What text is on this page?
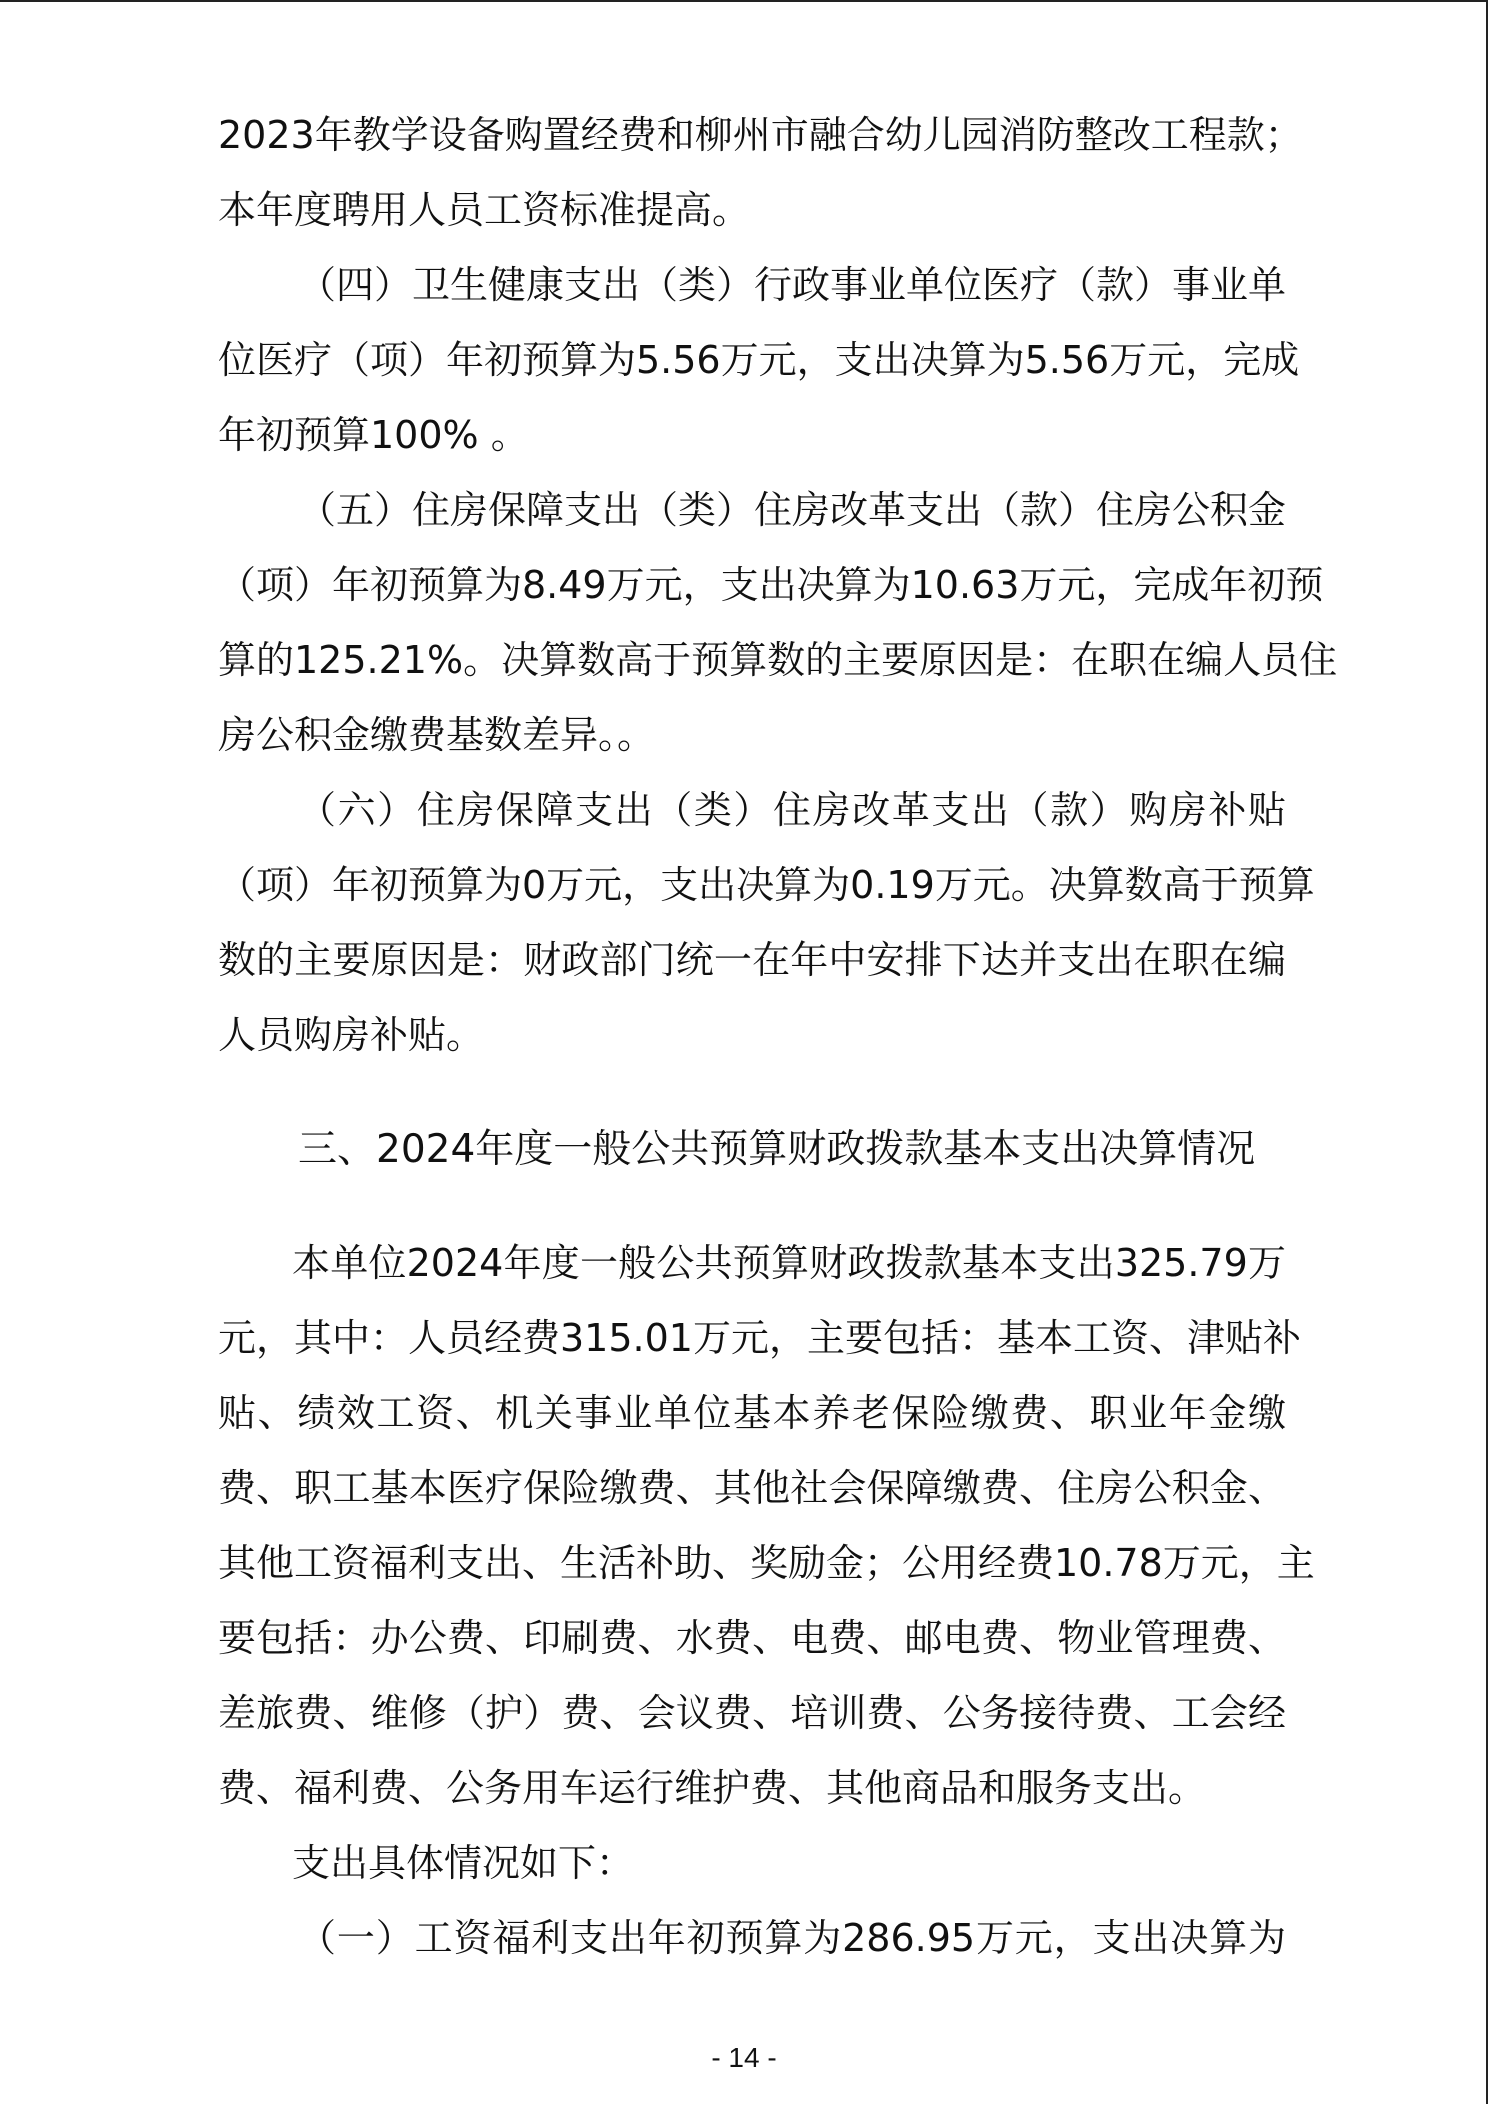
2023年教学设备购置经费和柳州市融合幼儿园消防整改工程款；
本年度聘用人员工资标准提高。
（四）卫生健康支出（类）行政事业单位医疗（款）事业单
位医疗（项）年初预算为5.56万元，支出决算为5.56万元，完成
年初预算100% 。
（五）住房保障支出（类）住房改革支出（款）住房公积金
（项）年初预算为8.49万元，支出决算为10.63万元，完成年初预
算的125.21%。决算数高于预算数的主要原因是：在职在编人员住
房公积金缴费基数差异。。
（六）住房保障支出（类）住房改革支出（款）购房补贴
（项）年初预算为0万元，支出决算为0.19万元。决算数高于预算
数的主要原因是：财政部门统一在年中安排下达并支出在职在编
人员购房补贴。
三、2024年度一般公共预算财政拨款基本支出决算情况
本单位2024年度一般公共预算财政拨款基本支出325.79万
元，其中：人员经费315.01万元，主要包括：基本工资、津贴补
贴、绩效工资、机关事业单位基本养老保险缴费、职业年金缴
费、职工基本医疗保险缴费、其他社会保障缴费、住房公积金、
其他工资福利支出、生活补助、奖励金；公用经费10.78万元，主
要包括：办公费、印刷费、水费、电费、邮电费、物业管理费、
差旅费、维修（护）费、会议费、培训费、公务接待费、工会经
费、福利费、公务用车运行维护费、其他商品和服务支出。
支出具体情况如下：
（一）工资福利支出年初预算为286.95万元，支出决算为
- 14 -
